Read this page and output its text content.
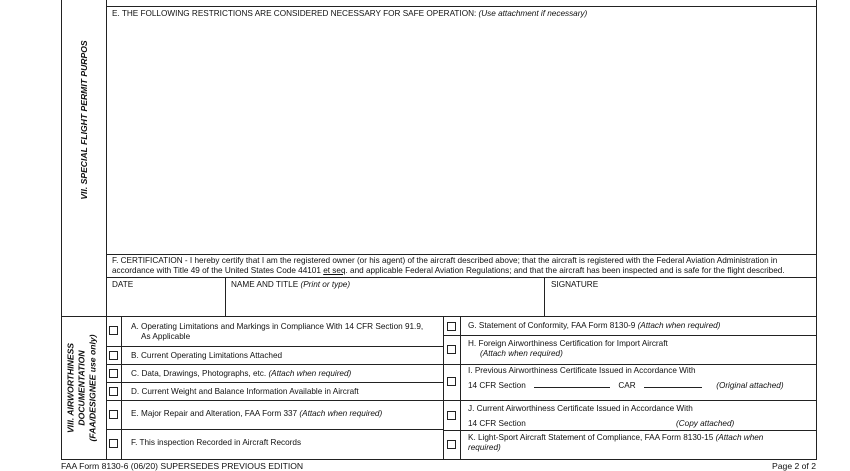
VII. SPECIAL FLIGHT PERMIT PURPOS
E. THE FOLLOWING RESTRICTIONS ARE CONSIDERED NECESSARY FOR SAFE OPERATION: (Use attachment if necessary)
F. CERTIFICATION - I hereby certify that I am the registered owner (or his agent) of the aircraft described above; that the aircraft is registered with the Federal Aviation Administration in
accordance with Title 49 of the United States Code 44101 et seq. and applicable Federal Aviation Regulations; and that the aircraft has been inspected and is safe for the flight described.
DATE	NAME AND TITLE (Print or type)	SIGNATURE
VIII. AIRWORTHINESS DOCUMENTATION (FAA/DESIGNEE use only)
A. Operating Limitations and Markings in Compliance With 14 CFR Section 91.9,
As Applicable
B. Current Operating Limitations Attached
C. Data, Drawings, Photographs, etc. (Attach when required)
D. Current Weight and Balance Information Available in Aircraft
E. Major Repair and Alteration, FAA Form 337 (Attach when required)
F. This inspection Recorded in Aircraft Records
G. Statement of Conformity, FAA Form 8130-9 (Attach when required)
H. Foreign Airworthiness Certification for Import Aircraft
(Attach when required)
I. Previous Airworthiness Certificate Issued in Accordance With
14 CFR Section	CAR	(Original attached)
J. Current Airworthiness Certificate Issued in Accordance With
14 CFR Section	(Copy attached)
K. Light-Sport Aircraft Statement of Compliance, FAA Form 8130-15 (Attach when
required)
FAA Form 8130-6 (06/20) SUPERSEDES PREVIOUS EDITION	Page 2 of 2
